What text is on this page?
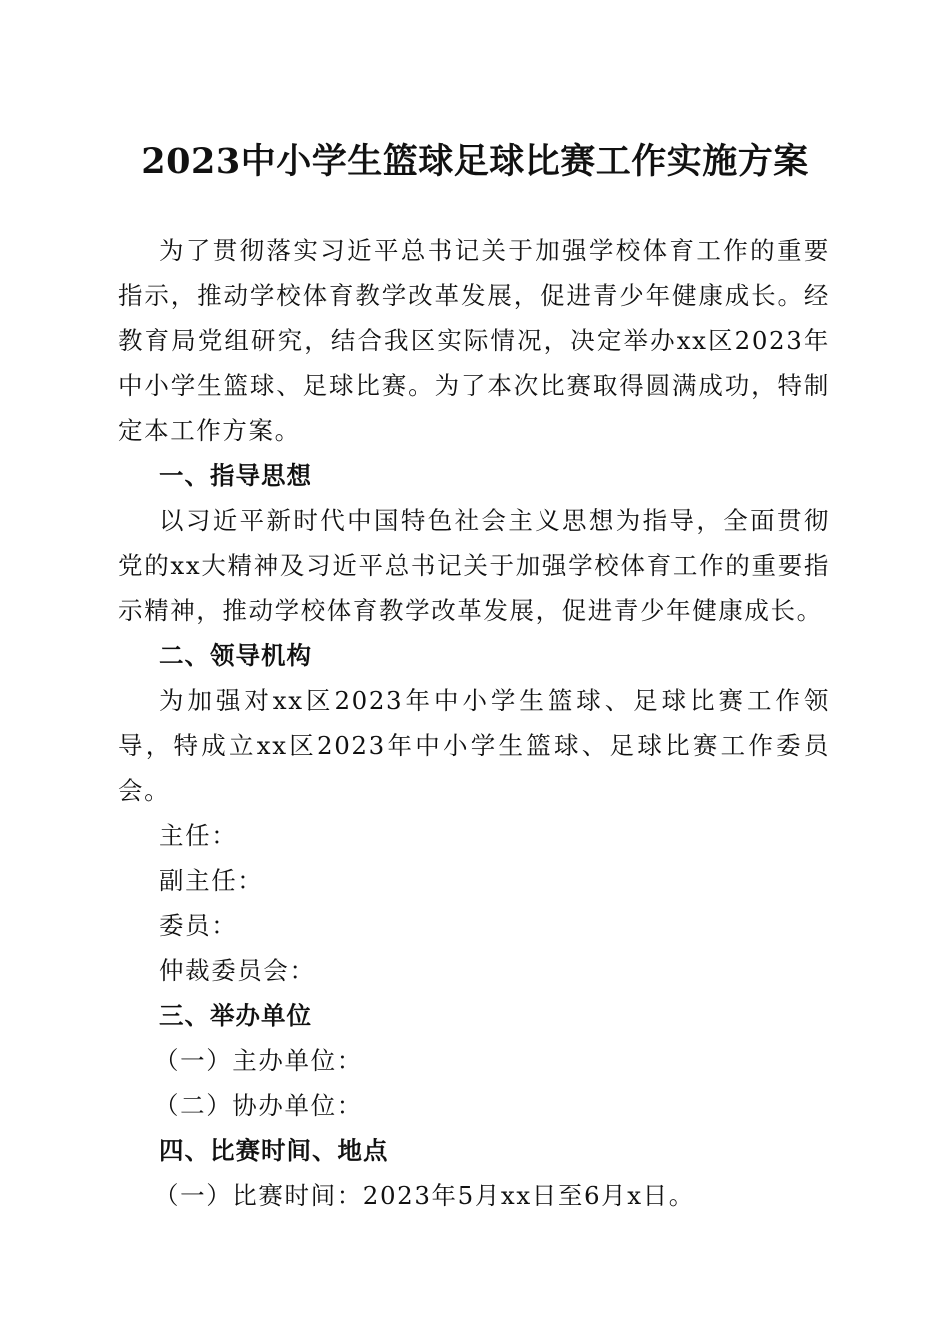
2023中小学生篮球足球比赛工作实施方案

为了贯彻落实习近平总书记关于加强学校体育工作的重要指示，推动学校体育教学改革发展，促进青少年健康成长。经教育局党组研究，结合我区实际情况，决定举办xx区2023年中小学生篮球、足球比赛。为了本次比赛取得圆满成功，特制定本工作方案。

一、指导思想

以习近平新时代中国特色社会主义思想为指导，全面贯彻党的xx大精神及习近平总书记关于加强学校体育工作的重要指示精神，推动学校体育教学改革发展，促进青少年健康成长。

二、领导机构

为加强对xx区2023年中小学生篮球、足球比赛工作领导，特成立xx区2023年中小学生篮球、足球比赛工作委员会。

主任：

副主任：

委员：

仲裁委员会：

三、举办单位

（一）主办单位：

（二）协办单位：

四、比赛时间、地点

（一）比赛时间：2023年5月xx日至6月x日。
